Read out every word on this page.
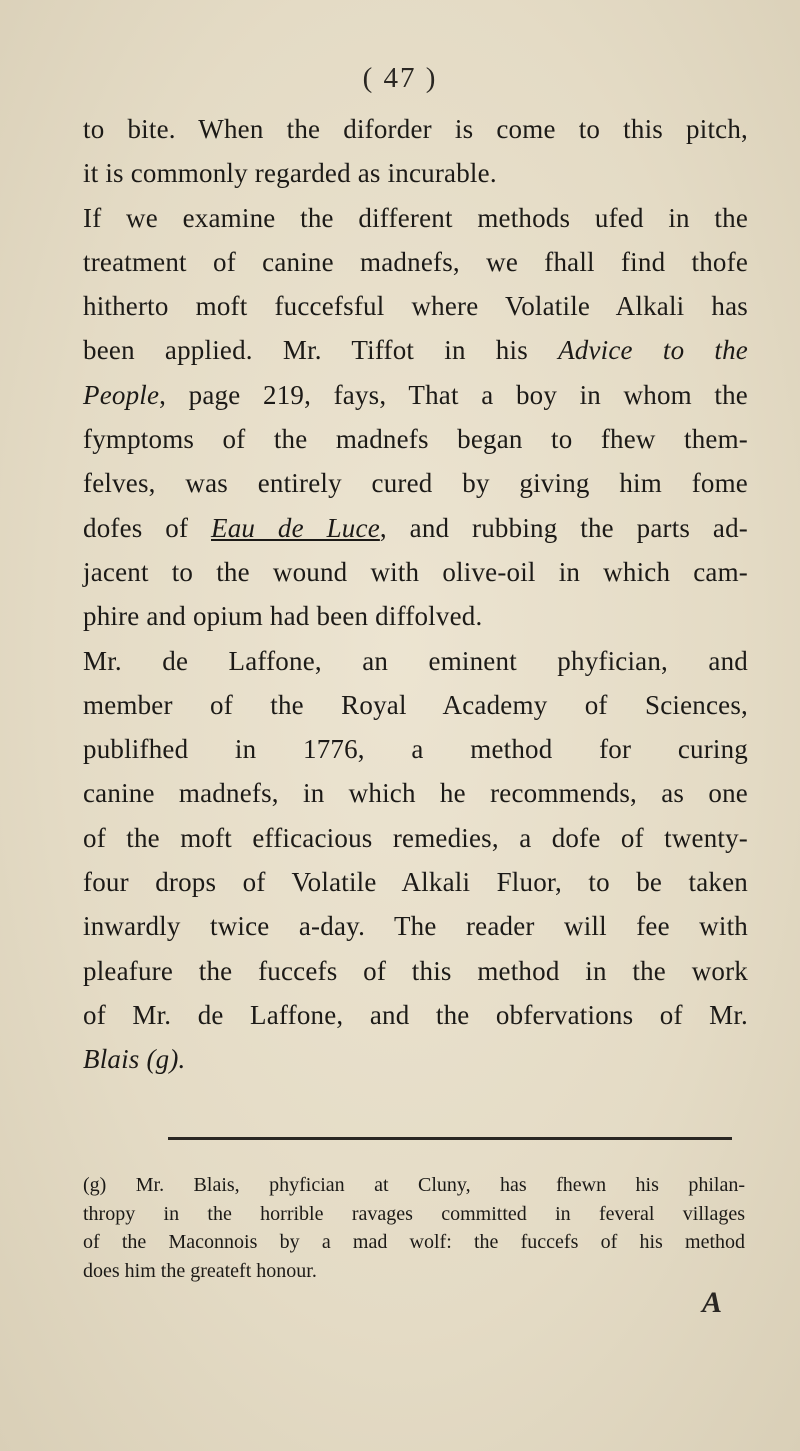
( 47 )
to bite. When the diforder is come to this pitch,
it is commonly regarded as incurable.
If we examine the different methods ufed in the
treatment of canine madnefs, we fhall find thofe
hitherto moft fuccefsful where Volatile Alkali has
been applied. Mr. Tiffot in his Advice to the
People, page 219, fays, That a boy in whom the
fymptoms of the madnefs began to fhew them-
felves, was entirely cured by giving him fome
dofes of Eau de Luce, and rubbing the parts ad-
jacent to the wound with olive-oil in which cam-
phire and opium had been diffolved.
Mr. de Laffone, an eminent phyfician, and
member of the Royal Academy of Sciences,
publifhed in 1776, a method for curing
canine madnefs, in which he recommends, as one
of the moft efficacious remedies, a dofe of twenty-
four drops of Volatile Alkali Fluor, to be taken
inwardly twice a-day. The reader will fee with
pleafure the fuccefs of this method in the work
of Mr. de Laffone, and the obfervations of Mr.
Blais (g).
(g) Mr. Blais, phyfician at Cluny, has fhewn his philan-
thropy in the horrible ravages committed in feveral villages
of the Maconnois by a mad wolf: the fuccefs of his method
does him the greateft honour.
A
